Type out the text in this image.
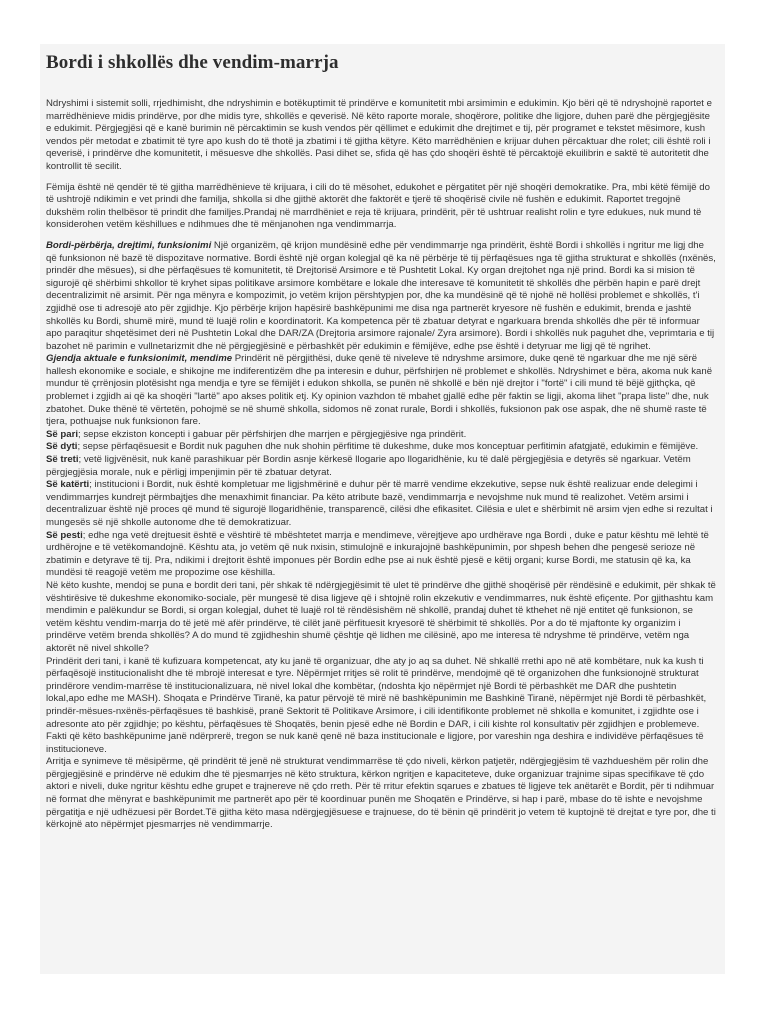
Bordi i shkollës dhe vendim-marrja

Ndryshimi i sistemit solli, rrjedhimisht, dhe ndryshimin e botëkuptimit të prindërve e komunitetit mbi arsimimin e edukimin. Kjo bëri që të ndryshojnë raportet e marrëdhënieve midis prindërve, por dhe midis tyre, shkollës e qeverisë. Në këto raporte morale, shoqërore, politike dhe ligjore, duhen parë dhe përgjegjësite e edukimit. Përgjegjësi që e kanë burimin në përcaktimin se kush vendos për qëllimet e edukimit dhe drejtimet e tij, për programet e tekstet mësimore, kush vendos për metodat e zbatimit të tyre apo kush do të thotë ja zbatimi i të gjitha këtyre. Këto marrëdhënien e krijuar duhen përcaktuar dhe rolet; cili është roli i qeverisë, i prindërve dhe komunitetit, i mësuesve dhe shkollës. Pasi dihet se, sfida që has çdo shoqëri është të përcaktojë ekuilibrin e saktë të autoritetit dhe kontrollit të secilit.

Fëmija është në qendër të të gjitha marrëdhënieve të krijuara, i cili do të mësohet, edukohet e përgatitet për një shoqëri demokratike. Pra, mbi këtë fëmijë do të ushtrojë ndikimin e vet prindi dhe familja, shkolla si dhe gjithë aktorët dhe faktorët e tjerë të shoqërisë civile në fushën e edukimit. Raportet tregojnë dukshëm rolin thelbësor të prindit dhe familjes.Prandaj në marrdhëniet e reja të krijuara, prindërit, për të ushtruar realisht rolin e tyre edukues, nuk mund të konsiderohen vetëm këshillues e ndihmues dhe të mënjanohen nga vendimmarrja.

Bordi-përbërja, drejtimi, funksionimi Një organizëm, që krijon mundësinë edhe për vendimmarrje nga prindërit, është Bordi i shkollës i ngritur me ligj dhe që funksionon në bazë të dispozitave normative. Bordi është një organ kolegjal që ka në përbërje të tij përfaqësues nga të gjitha strukturat e shkollës (nxënës, prindër dhe mësues), si dhe përfaqësues të komunitetit, të Drejtorisë Arsimore e të Pushtetit Lokal. Ky organ drejtohet nga një prind. Bordi ka si mision të sigurojë që shërbimi shkollor të kryhet sipas politikave arsimore kombëtare e lokale dhe interesave të komunitetit të shkollës dhe përbën hapin e parë drejt decentralizimit në arsimit. Për nga mënyra e kompozimit, jo vetëm krijon përshtypjen por, dhe ka mundësinë që të njohë në hollësi problemet e shkollës, t'i zgjidhë ose ti adresojë ato për zgjidhje. Kjo përbërje krijon hapësirë bashkëpunimi me disa nga partnerët kryesore në fushën e edukimit, brenda e jashtë shkollës ku Bordi, shumë mirë, mund të luajë rolin e koordinatorit. Ka kompetenca për të zbatuar detyrat e ngarkuara brenda shkollës dhe për të informuar apo paraqitur shqetësimet deri në Pushtetin Lokal dhe DAR/ZA (Drejtoria arsimore rajonale/ Zyra arsimore). Bordi i shkollës nuk paguhet dhe, veprimtaria e tij bazohet në parimin e vullnetarizmit dhe në përgjegjësinë e përbashkët për edukimin e fëmijëve, edhe pse është i detyruar me ligj që të ngrihet.

Gjendja aktuale e funksionimit, mendime Prindërit në përgjithësi, duke qenë të niveleve të ndryshme arsimore, duke qenë të ngarkuar dhe me një sërë hallesh ekonomike e sociale, e shikojne me indiferentizëm dhe pa interesin e duhur, përfshirjen në problemet e shkollës. Ndryshimet e bëra, akoma nuk kanë mundur të çrrënjosin plotësisht nga mendja e tyre se fëmijët i edukon shkolla, se punën në shkollë e bën një drejtor i "fortë" i cili mund të bëjë gjithçka, që problemet i zgjidh ai që ka shoqëri "lartë" apo akses politik etj. Ky opinion vazhdon të mbahet gjallë edhe për faktin se ligji, akoma lihet "prapa liste" dhe, nuk zbatohet. Duke thënë të vërtetën, pohojmë se në shumë shkolla, sidomos në zonat rurale, Bordi i shkollës, fuksionon pak ose aspak, dhe në shumë raste të tjera, pothuajse nuk funksionon fare.

Së pari; sepse ekziston koncepti i gabuar për përfshirjen dhe marrjen e përgjegjësive nga prindërit.

Së dyti; sepse përfaqësuesit e Bordit nuk paguhen dhe nuk shohin përfitime të dukeshme, duke mos konceptuar perfitimin afatgjatë, edukimin e fëmijëve.

Së treti; vetë ligjvënësit, nuk kanë parashikuar për Bordin asnje kërkesë llogarie apo llogaridhënie, ku të dalë përgjegjësia e detyrës së ngarkuar. Vetëm përgjegjësia morale, nuk e përligj impenjimin për të zbatuar detyrat.

Së katërti; institucioni i Bordit, nuk është kompletuar me ligjshmërinë e duhur për të marrë vendime ekzekutive, sepse nuk është realizuar ende delegimi i vendimmarrjes kundrejt përmbajtjes dhe menaxhimit financiar. Pa këto atribute bazë, vendimmarrja e nevojshme nuk mund të realizohet. Vetëm arsimi i decentralizuar është një proces që mund të sigurojë llogaridhënie, transparencë, cilësi dhe efikasitet. Cilësia e ulet e shërbimit në arsim vjen edhe si rezultat i mungesës së një shkolle autonome dhe të demokratizuar.

Së pesti; edhe nga vetë drejtuesit është e vështirë të mbështetet marrja e mendimeve, vërejtjeve apo urdhërave nga Bordi , duke e patur kështu më lehtë të urdhërojne e të vetëkomandojnë. Kështu ata, jo vetëm që nuk nxisin, stimulojnë e inkurajojnë bashkëpunimin, por shpesh behen dhe pengesë serioze në zbatimin e detyrave të tij. Pra, ndikimi i drejtorit është imponues për Bordin edhe pse ai nuk është pjesë e këtij organi; kurse Bordi, me statusin që ka, ka mundësi të reagojë vetëm me propozime ose këshilla.

Në këto kushte, mendoj se puna e bordit deri tani, për shkak të ndërgjegjësimit të ulet të prindërve dhe gjithë shoqërisë për rëndësinë e edukimit, për shkak të vështirësive të dukeshme ekonomiko-sociale, për mungesë të disa ligjeve që i shtojnë rolin ekzekutiv e vendimmarres, nuk është efiçente. Por gjithashtu kam mendimin e palëkundur se Bordi, si organ kolegjal, duhet të luajë rol të rëndësishëm në shkollë, prandaj duhet të kthehet në një entitet që funksionon, se vetëm kështu vendim-marrja do të jetë më afër prindërve, të cilët janë përfituesit kryesorë të shërbimit të shkollës. Por a do të mjaftonte ky organizim i prindërve vetëm brenda shkollës? A do mund të zgjidheshin shumë çështje që lidhen me cilësinë, apo me interesa të ndryshme të prindërve, vetëm nga aktorët në nivel shkolle?

Prindërit deri tani, i kanë të kufizuara kompetencat, aty ku janë të organizuar, dhe aty jo aq sa duhet. Në shkallë rrethi apo në atë kombëtare, nuk ka kush ti përfaqësojë institucionalisht dhe të mbrojë interesat e tyre. Nëpërmjet rritjes së rolit të prindërve, mendojmë që të organizohen dhe funksionojnë strukturat prindërore vendim-marrëse të institucionalizuara, në nivel lokal dhe kombëtar, (ndoshta kjo nëpërmjet një Bordi të përbashkët me DAR dhe pushtetin lokal,apo edhe me MASH). Shoqata e Prindërve Tiranë, ka patur përvojë të mirë në bashkëpunimin me Bashkinë Tiranë, nëpërmjet një Bordi të përbashkët, prindër-mësues-nxënës-përfaqësues të bashkisë, pranë Sektorit të Politikave Arsimore, i cili identifikonte problemet në shkolla e komunitet, i zgjidhte ose i adresonte ato për zgjidhje; po kështu, përfaqësues të Shoqatës, benin pjesë edhe në Bordin e DAR, i cili kishte rol konsultativ për zgjidhjen e problemeve. Fakti që këto bashkëpunime janë ndërprerë, tregon se nuk kanë qenë në baza institucionale e ligjore, por vareshin nga deshira e individëve përfaqësues të institucioneve.

Arritja e synimeve të mësipërme, që prindërit të jenë në strukturat vendimmarrëse të çdo niveli, kërkon patjetër, ndërgjegjësim të vazhdueshëm për rolin dhe përgjegjësinë e prindërve në edukim dhe të pjesmarrjes në këto struktura, kërkon ngritjen e kapaciteteve, duke organizuar trajnime sipas specifikave të çdo aktori e niveli, duke ngritur kështu edhe grupet e trajnereve në çdo rreth. Për të rritur efektin sqarues e zbatues të ligjeve tek anëtarët e Bordit, për ti ndihmuar në format dhe mënyrat e bashkëpunimit me partnerët apo për të koordinuar punën me Shoqatën e Prindërve, si hap i parë, mbase do të ishte e nevojshme përgatitja e një udhëzuesi për Bordet.Të gjitha këto masa ndërgjegjësuese e trajnuese, do të bënin që prindërit jo vetem të kuptojnë të drejtat e tyre por, dhe ti kërkojnë ato nëpërmjet pjesmarrjes në vendimmarrje.
